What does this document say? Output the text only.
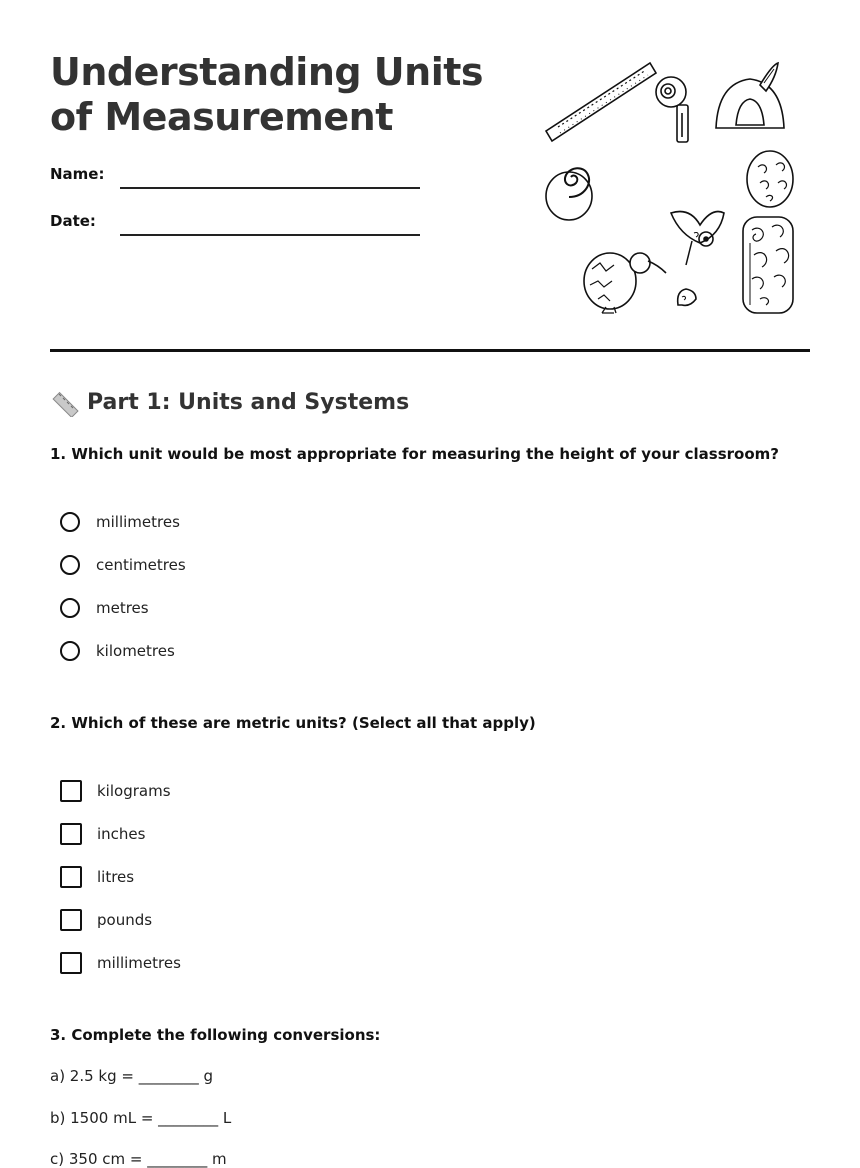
Understanding Units of Measurement
Name:
Date:
Part 1: Units and Systems
1. Which unit would be most appropriate for measuring the height of your classroom?
millimetres
centimetres
metres
kilometres
2. Which of these are metric units? (Select all that apply)
kilograms
inches
litres
pounds
millimetres
3. Complete the following conversions:
a) 2.5 kg = ________ g
b) 1500 mL = ________ L
c) 350 cm = ________ m
